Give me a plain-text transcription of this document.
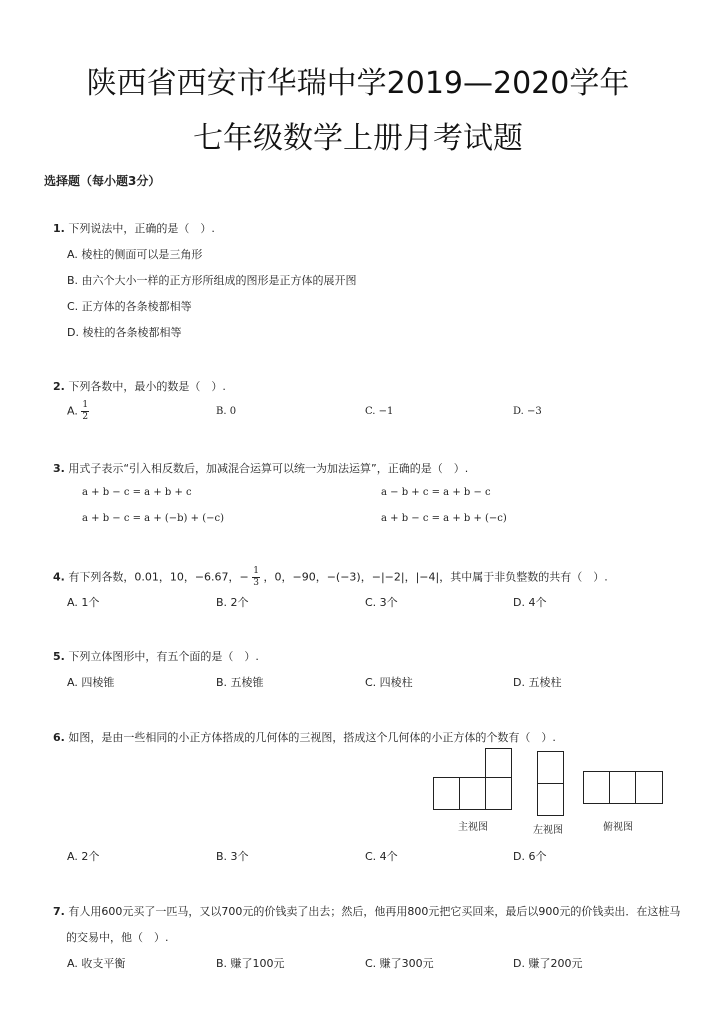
陕西省西安市华瑞中学2019—2020学年
七年级数学上册月考试题
选择题（每小题3分）
1. 下列说法中，正确的是（　）.
A. 棱柱的侧面可以是三角形
B. 由六个大小一样的正方形所组成的图形是正方体的展开图
C. 正方体的各条棱都相等
D. 棱柱的各条棱都相等
2. 下列各数中，最小的数是（　）.
A. $\frac{1}{2}$	B. 0	C. −1	D. −3
3. 用式子表示“引入相反数后，加减混合运算可以统一为加法运算”，正确的是（　）.
a + b − c = a + b + c	a − b + c = a + b − c
a + b − c = a + (−b) + (−c)	a + b − c = a + b + (−c)
4. 有下列各数，0.01，10，−6.67，− $\frac{1}{3}$ ，0，−90，−(−3)，−|−2|，|−4|，其中属于非负整数的共有（　）.
A. 1个	B. 2个	C. 3个	D. 4个
5. 下列立体图形中，有五个面的是（　）.
A. 四棱锥	B. 五棱锥	C. 四棱柱	D. 五棱柱
6. 如图，是由一些相同的小正方体搭成的几何体的三视图，搭成这个几何体的小正方体的个数有（　）.
主视图	左视图	俯视图
A. 2个	B. 3个	C. 4个	D. 6个
7. 有人用600元买了一匹马，又以700元的价钱卖了出去；然后，他再用800元把它买回来，最后以900元的价钱卖出．在这桩马
的交易中，他（　）.
A. 收支平衡	B. 赚了100元	C. 赚了300元	D. 赚了200元
